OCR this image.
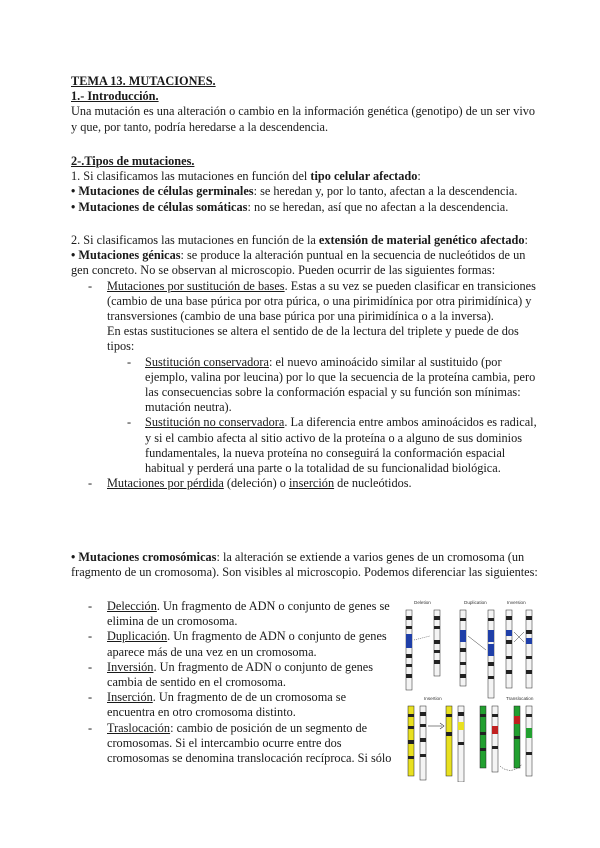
TEMA 13. MUTACIONES.

1.- Introducción.

Una mutación es una alteración o cambio en la información genética (genotipo) de un ser vivo y que, por tanto, podría heredarse a la descendencia.

2-.Tipos de mutaciones.

1. Si clasificamos las mutaciones en función del tipo celular afectado:

• Mutaciones de células germinales: se heredan y, por lo tanto, afectan a la descendencia.

• Mutaciones de células somáticas: no se heredan, así que no afectan a la descendencia.

2. Si clasificamos las mutaciones en función de la extensión de material genético afectado:

• Mutaciones génicas: se produce la alteración puntual en la secuencia de nucleótidos de un gen concreto. No se observan al microscopio. Pueden ocurrir de las siguientes formas:

- Mutaciones por sustitución de bases. Estas a su vez se pueden clasificar en transiciones (cambio de una base púrica por otra púrica, o una pirimidínica por otra pirimidínica) y transversiones (cambio de una base púrica por una pirimidínica o a la inversa).

En estas sustituciones se altera el sentido de de la lectura del triplete y puede de dos tipos:

- Sustitución conservadora: el nuevo aminoácido similar al sustituido (por ejemplo, valina por leucina) por lo que la secuencia de la proteína cambia, pero las consecuencias sobre la conformación espacial y su función son mínimas: mutación neutra).

- Sustitución no conservadora. La diferencia entre ambos aminoácidos es radical, y si el cambio afecta al sitio activo de la proteína o a alguno de sus dominios fundamentales, la nueva proteína no conseguirá la conformación espacial habitual y perderá una parte o la totalidad de su funcionalidad biológica.

- Mutaciones por pérdida (deleción) o inserción de nucleótidos.

• Mutaciones cromosómicas: la alteración se extiende a varios genes de un cromosoma (un fragmento de un cromosoma). Son visibles al microscopio. Podemos diferenciar las siguientes:

- Delección. Un fragmento de ADN o conjunto de genes se elimina de un cromosoma.

- Duplicación. Un fragmento de ADN o conjunto de genes aparece más de una vez en un cromosoma.

- Inversión. Un fragmento de ADN o conjunto de genes cambia de sentido en el cromosoma.

- Inserción. Un fragmento de de un cromosoma se encuentra en otro cromosoma distinto.

- Traslocación: cambio de posición de un segmento de cromosomas. Si el intercambio ocurre entre dos cromosomas se denomina translocación recíproca. Si sólo

Deletion	Duplication	Inversion
Insertion	Translocation
